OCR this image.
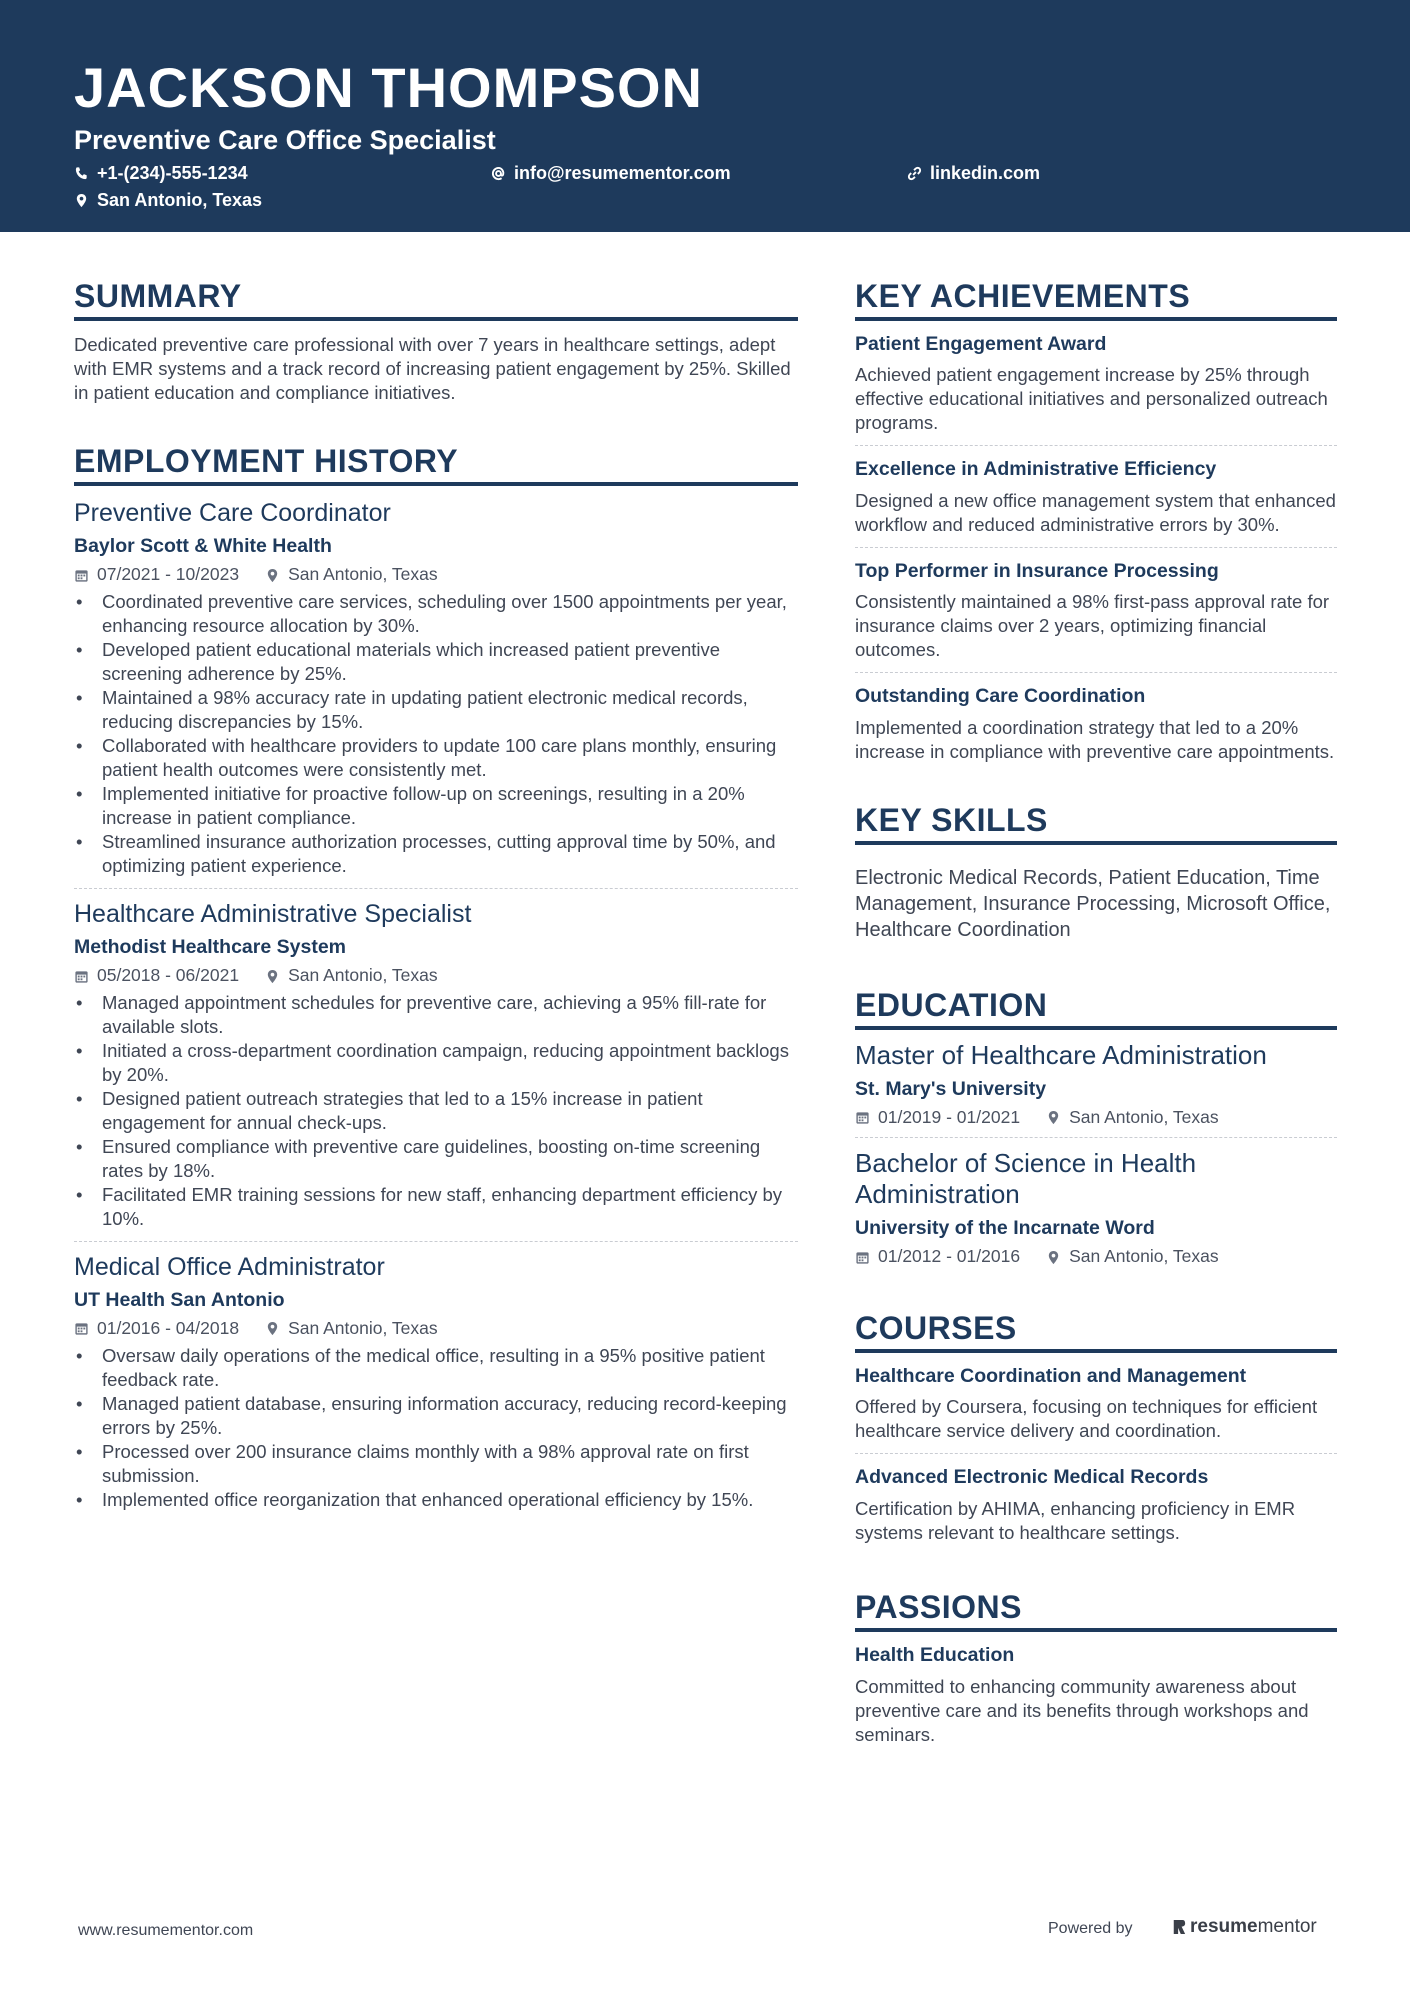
JACKSON THOMPSON
Preventive Care Office Specialist
+1-(234)-555-1234	info@resumementor.com	linkedin.com
San Antonio, Texas
SUMMARY
Dedicated preventive care professional with over 7 years in healthcare settings, adept with EMR systems and a track record of increasing patient engagement by 25%. Skilled in patient education and compliance initiatives.
EMPLOYMENT HISTORY
Preventive Care Coordinator
Baylor Scott & White Health
07/2021 - 10/2023	San Antonio, Texas
• Coordinated preventive care services, scheduling over 1500 appointments per year, enhancing resource allocation by 30%.
• Developed patient educational materials which increased patient preventive screening adherence by 25%.
• Maintained a 98% accuracy rate in updating patient electronic medical records, reducing discrepancies by 15%.
• Collaborated with healthcare providers to update 100 care plans monthly, ensuring patient health outcomes were consistently met.
• Implemented initiative for proactive follow-up on screenings, resulting in a 20% increase in patient compliance.
• Streamlined insurance authorization processes, cutting approval time by 50%, and optimizing patient experience.
Healthcare Administrative Specialist
Methodist Healthcare System
05/2018 - 06/2021	San Antonio, Texas
• Managed appointment schedules for preventive care, achieving a 95% fill-rate for available slots.
• Initiated a cross-department coordination campaign, reducing appointment backlogs by 20%.
• Designed patient outreach strategies that led to a 15% increase in patient engagement for annual check-ups.
• Ensured compliance with preventive care guidelines, boosting on-time screening rates by 18%.
• Facilitated EMR training sessions for new staff, enhancing department efficiency by 10%.
Medical Office Administrator
UT Health San Antonio
01/2016 - 04/2018	San Antonio, Texas
• Oversaw daily operations of the medical office, resulting in a 95% positive patient feedback rate.
• Managed patient database, ensuring information accuracy, reducing record-keeping errors by 25%.
• Processed over 200 insurance claims monthly with a 98% approval rate on first submission.
• Implemented office reorganization that enhanced operational efficiency by 15%.
KEY ACHIEVEMENTS
Patient Engagement Award
Achieved patient engagement increase by 25% through effective educational initiatives and personalized outreach programs.
Excellence in Administrative Efficiency
Designed a new office management system that enhanced workflow and reduced administrative errors by 30%.
Top Performer in Insurance Processing
Consistently maintained a 98% first-pass approval rate for insurance claims over 2 years, optimizing financial outcomes.
Outstanding Care Coordination
Implemented a coordination strategy that led to a 20% increase in compliance with preventive care appointments.
KEY SKILLS
Electronic Medical Records, Patient Education, Time Management, Insurance Processing, Microsoft Office, Healthcare Coordination
EDUCATION
Master of Healthcare Administration
St. Mary's University
01/2019 - 01/2021	San Antonio, Texas
Bachelor of Science in Health Administration
University of the Incarnate Word
01/2012 - 01/2016	San Antonio, Texas
COURSES
Healthcare Coordination and Management
Offered by Coursera, focusing on techniques for efficient healthcare service delivery and coordination.
Advanced Electronic Medical Records
Certification by AHIMA, enhancing proficiency in EMR systems relevant to healthcare settings.
PASSIONS
Health Education
Committed to enhancing community awareness about preventive care and its benefits through workshops and seminars.
www.resumementor.com	Powered by	resume mentor
